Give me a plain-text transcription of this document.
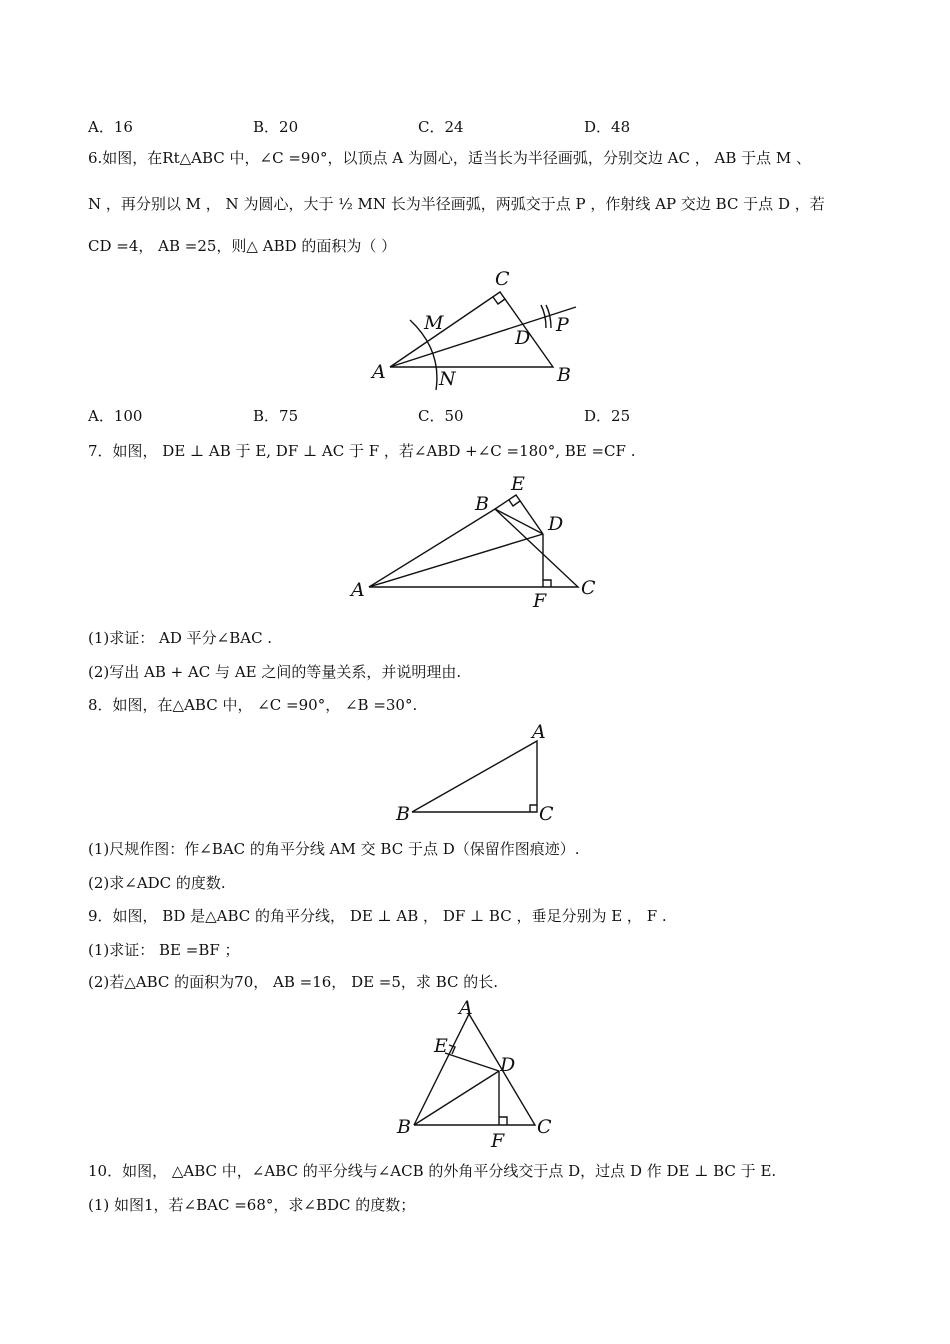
A．16	B．20	C．24	D．48
6.如图，在Rt△ABC 中，∠C =90°，以顶点 A 为圆心，适当长为半径画弧，分别交边 AC ， AB 于点 M 、
N ，再分别以 M ， N 为圆心，大于 ½ MN 长为半径画弧，两弧交于点 P ，作射线 AP 交边 BC 于点 D ，若
CD =4， AB =25，则△ ABD 的面积为（ ）
A	B
C
D
M
N
P
A．100	B．75	C．50	D．25
7．如图， DE ⊥ AB 于 E, DF ⊥ AC 于 F ，若∠ABD +∠C =180°, BE =CF .
A
B
C
D
E
F
(1)求证： AD 平分∠BAC .
(2)写出 AB + AC 与 AE 之间的等量关系，并说明理由.
8．如图，在△ABC 中， ∠C =90°， ∠B =30°.
A
B	C
(1)尺规作图：作∠BAC 的角平分线 AM 交 BC 于点 D（保留作图痕迹）.
(2)求∠ADC 的度数.
9．如图， BD 是△ABC 的角平分线， DE ⊥ AB ， DF ⊥ BC ，垂足分别为 E ， F .
(1)求证： BE =BF ；
(2)若△ABC 的面积为70， AB =16， DE =5，求 BC 的长.
A
B	C
D
E
F
10．如图， △ABC 中，∠ABC 的平分线与∠ACB 的外角平分线交于点 D，过点 D 作 DE ⊥ BC 于 E.
(1) 如图1，若∠BAC =68°，求∠BDC 的度数；
